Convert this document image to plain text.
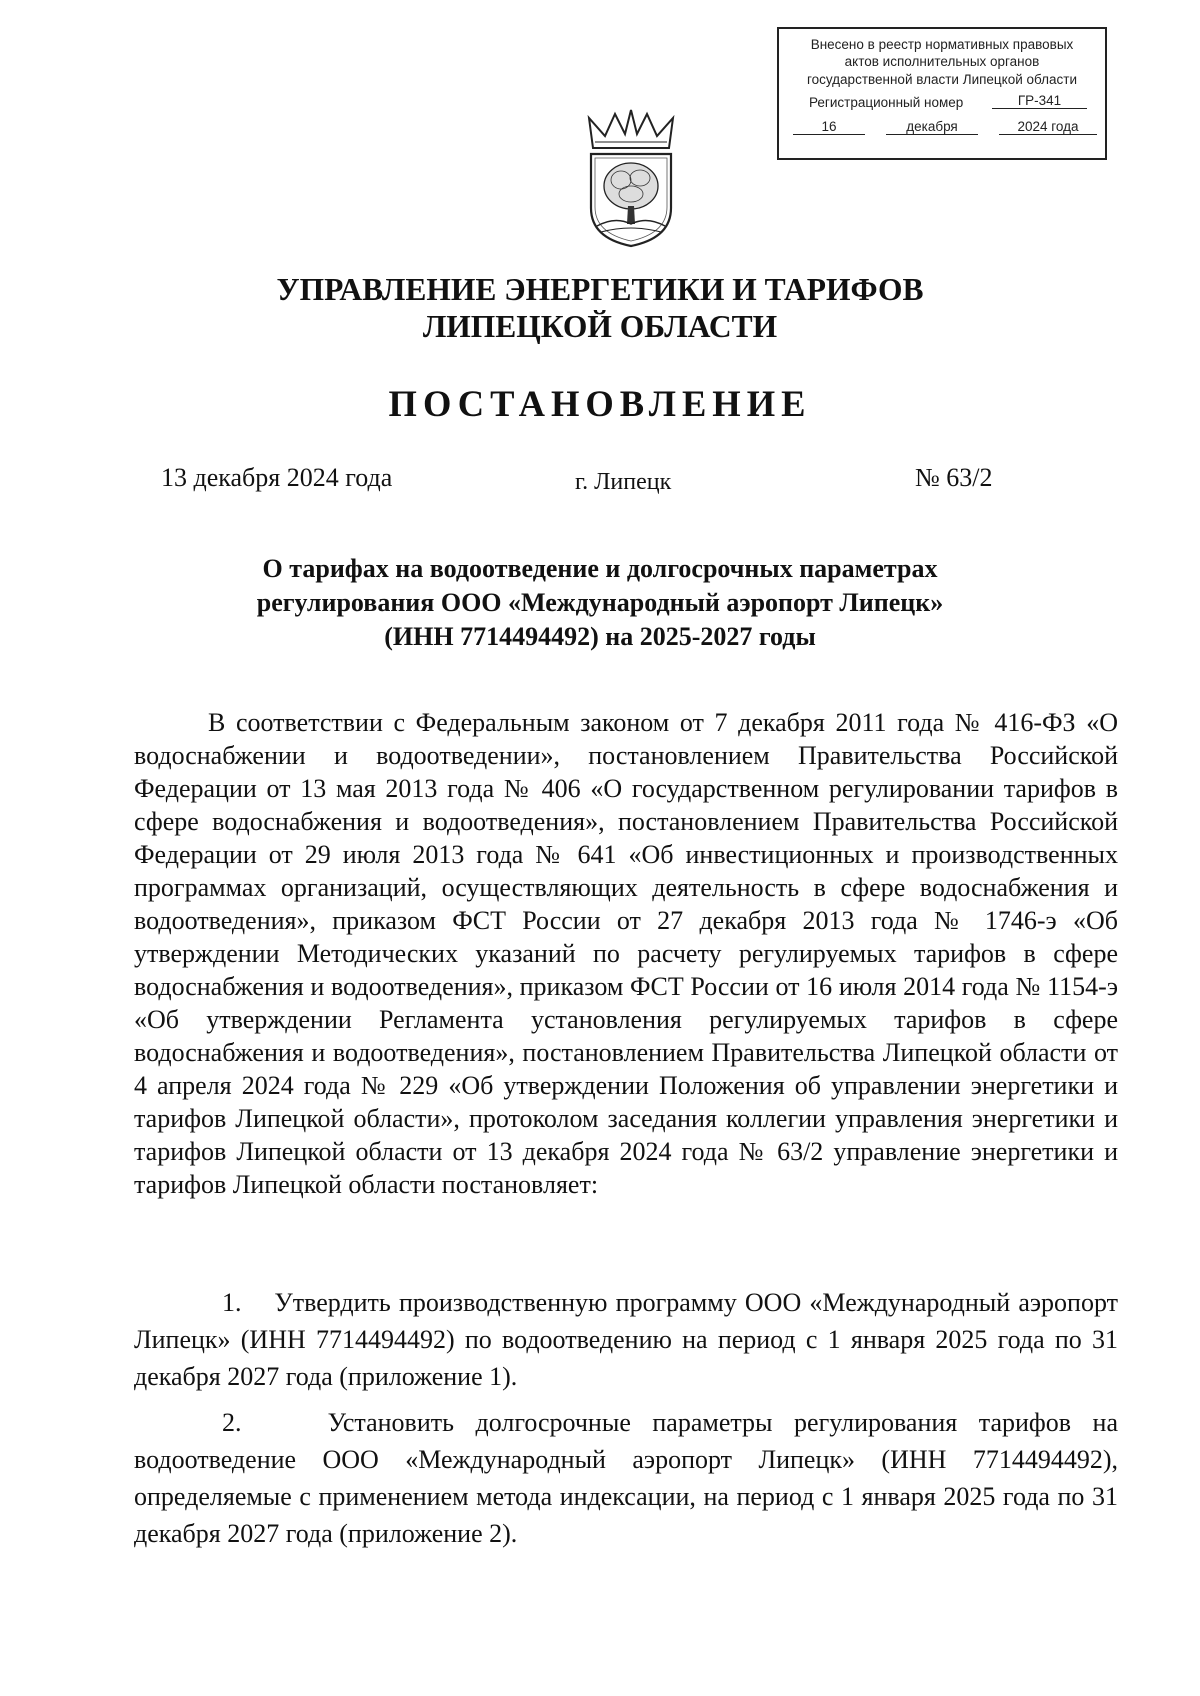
Внесено в реестр нормативных правовых
актов исполнительных органов
государственной власти Липецкой области
Регистрационный номер	ГР-341
16	декабря	2024 года
УПРАВЛЕНИЕ ЭНЕРГЕТИКИ И ТАРИФОВ
ЛИПЕЦКОЙ ОБЛАСТИ
ПОСТАНОВЛЕНИЕ
13 декабря 2024 года	г. Липецк	№ 63/2
О тарифах на водоотведение и долгосрочных параметрах
регулирования ООО «Международный аэропорт Липецк»
(ИНН 7714494492) на 2025-2027 годы

В соответствии с Федеральным законом от 7 декабря 2011 года № 416-ФЗ «О водоснабжении и водоотведении», постановлением Правительства Российской Федерации от 13 мая 2013 года № 406 «О государственном регулировании тарифов в сфере водоснабжения и водоотведения», постановлением Правительства Российской Федерации от 29 июля 2013 года № 641 «Об инвестиционных и производственных программах организаций, осуществляющих деятельность в сфере водоснабжения и водоотведения», приказом ФСТ России от 27 декабря 2013 года № 1746-э «Об утверждении Методических указаний по расчету регулируемых тарифов в сфере водоснабжения и водоотведения», приказом ФСТ России от 16 июля 2014 года № 1154-э «Об утверждении Регламента установления регулируемых тарифов в сфере водоснабжения и водоотведения», постановлением Правительства Липецкой области от 4 апреля 2024 года № 229 «Об утверждении Положения об управлении энергетики и тарифов Липецкой области», протоколом заседания коллегии управления энергетики и тарифов Липецкой области от 13 декабря 2024 года № 63/2 управление энергетики и тарифов Липецкой области постановляет:

1. Утвердить производственную программу ООО «Международный аэропорт Липецк» (ИНН 7714494492) по водоотведению на период с 1 января 2025 года по 31 декабря 2027 года (приложение 1).

2.	Установить долгосрочные параметры регулирования тарифов на водоотведение ООО «Международный аэропорт Липецк» (ИНН 7714494492), определяемые с применением метода индексации, на период с 1 января 2025 года по 31 декабря 2027 года (приложение 2).
